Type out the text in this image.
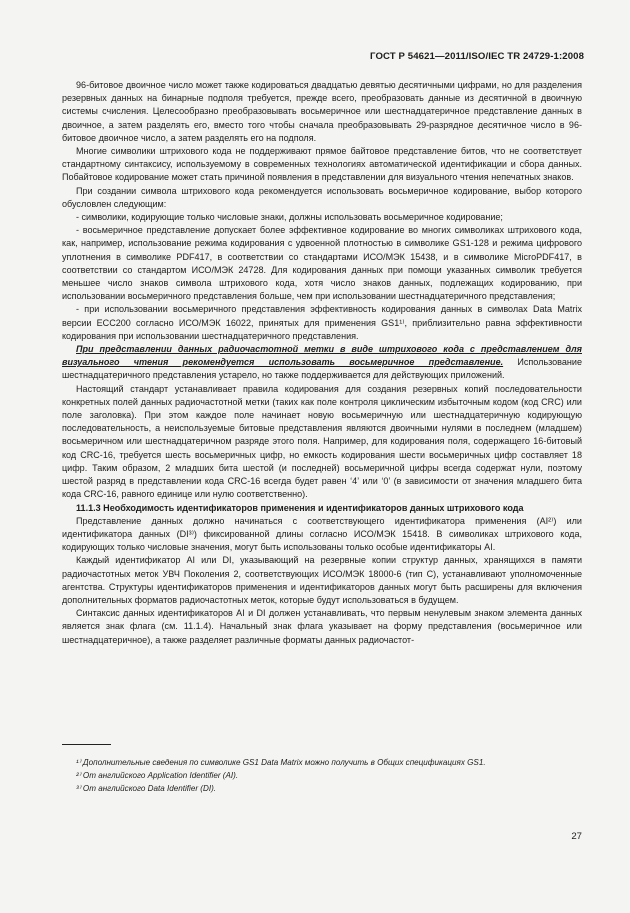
ГОСТ Р 54621—2011/ISO/IEC TR 24729-1:2008

96-битовое двоичное число может также кодироваться двадцатью девятью десятичными цифрами, но для разделения резервных данных на бинарные подполя требуется, прежде всего, преобразовать данные из десятичной в двоичную системы счисления. Целесообразно преобразовывать восьмеричное или шестнадцатеричное представление данных в двоичное, а затем разделять его, вместо того чтобы сначала преобразовывать 29-разрядное десятичное число в 96-битовое двоичное число, а затем разделять его на подполя.

Многие символики штрихового кода не поддерживают прямое байтовое представление битов, что не соответствует стандартному синтаксису, используемому в современных технологиях автоматической идентификации и сбора данных. Побайтовое кодирование может стать причиной появления в представлении для визуального чтения непечатных знаков.

При создании символа штрихового кода рекомендуется использовать восьмеричное кодирование, выбор которого обусловлен следующим:

- символики, кодирующие только числовые знаки, должны использовать восьмеричное кодирование;

- восьмеричное представление допускает более эффективное кодирование во многих символиках штрихового кода, как, например, использование режима кодирования с удвоенной плотностью в символике GS1-128 и режима цифрового уплотнения в символике PDF417, в соответствии со стандартами ИСО/МЭК 15438, и в символике MicroPDF417, в соответствии со стандартом ИСО/МЭК 24728. Для кодирования данных при помощи указанных символик требуется меньшее число знаков символа штрихового кода, хотя число знаков данных, подлежащих кодированию, при использовании восьмеричного представления больше, чем при использовании шестнадцатеричного представления;

- при использовании восьмеричного представления эффективность кодирования данных в символах Data Matrix версии ЕСС200 согласно ИСО/МЭК 16022, принятых для применения GS1¹⁾, приблизительно равна эффективности кодирования при использовании шестнадцатеричного представления.

При представлении данных радиочастотной метки в виде штрихового кода с представлением для визуального чтения рекомендуется использовать восьмеричное представление. Использование шестнадцатеричного представления устарело, но также поддерживается для действующих приложений.

Настоящий стандарт устанавливает правила кодирования для создания резервных копий последовательности конкретных полей данных радиочастотной метки (таких как поле контроля циклическим избыточным кодом (код CRC) или поле заголовка). При этом каждое поле начинает новую восьмеричную или шестнадцатеричную кодирующую последовательность, а неиспользуемые битовые представления являются двоичными нулями в последнем (младшем) восьмеричном или шестнадцатеричном разряде этого поля. Например, для кодирования поля, содержащего 16-битовый код CRC-16, требуется шесть восьмеричных цифр, но емкость кодирования шести восьмеричных цифр составляет 18 цифр. Таким образом, 2 младших бита шестой (и последней) восьмеричной цифры всегда содержат нули, поэтому шестой разряд в представлении кода CRC-16 всегда будет равен ‘4’ или ‘0’ (в зависимости от значения младшего бита кода CRC-16, равного единице или нулю соответственно).

11.1.3 Необходимость идентификаторов применения и идентификаторов данных штрихового кода

Представление данных должно начинаться с соответствующего идентификатора применения (AI²⁾) или идентификатора данных (DI³⁾) фиксированной длины согласно ИСО/МЭК 15418. В символиках штрихового кода, кодирующих только числовые значения, могут быть использованы только особые идентификаторы AI.

Каждый идентификатор AI или DI, указывающий на резервные копии структур данных, хранящихся в памяти радиочастотных меток УВЧ Поколения 2, соответствующих ИСО/МЭК 18000-6 (тип С), устанавливают уполномоченные агентства. Структуры идентификаторов применения и идентификаторов данных могут быть расширены для включения дополнительных форматов радиочастотных меток, которые будут использоваться в будущем.

Синтаксис данных идентификаторов AI и DI должен устанавливать, что первым ненулевым знаком элемента данных является знак флага (см. 11.1.4). Начальный знак флага указывает на форму представления (восьмеричное или шестнадцатеричное), а также разделяет различные форматы данных радиочастот-

¹⁾ Дополнительные сведения по символике GS1 Data Matrix можно получить в Общих спецификациях GS1.
²⁾ От английского Application Identifier (AI).
³⁾ От английского Data Identifier (DI).
27
